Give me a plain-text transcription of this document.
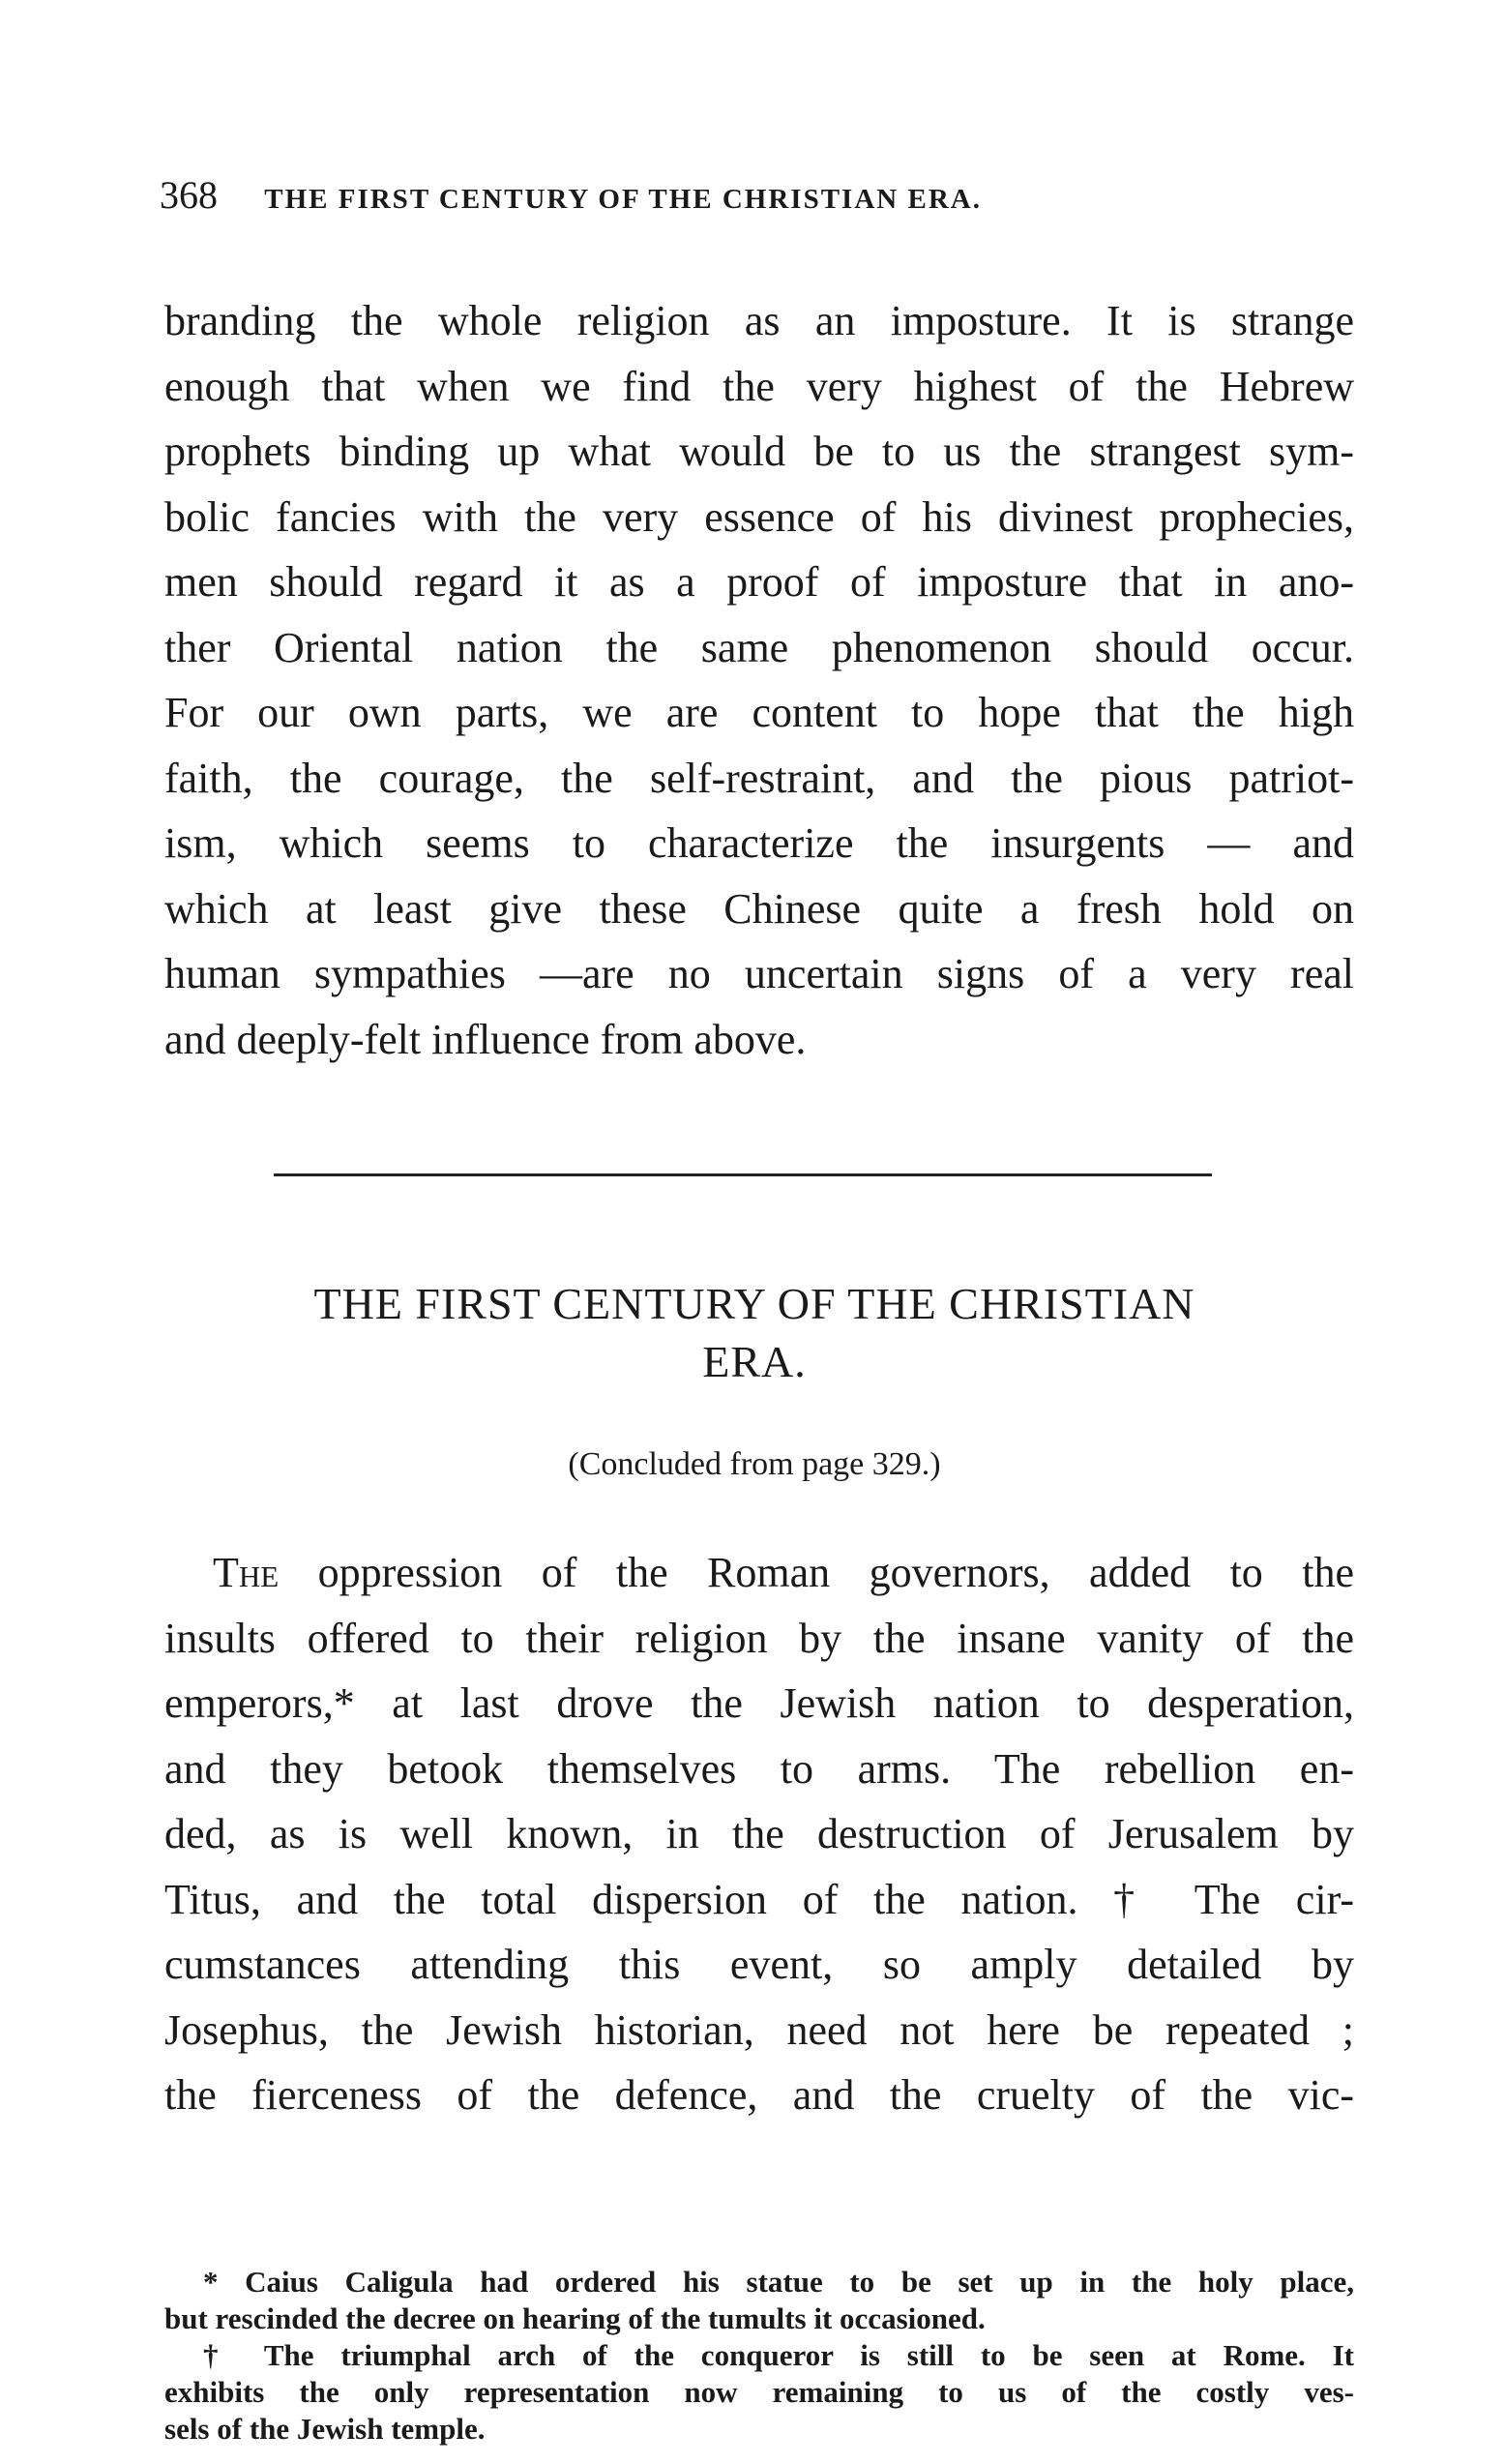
368 THE FIRST CENTURY OF THE CHRISTIAN ERA.
branding the whole religion as an imposture. It is strange
enough that when we find the very highest of the Hebrew
prophets binding up what would be to us the strangest sym-
bolic fancies with the very essence of his divinest prophecies,
men should regard it as a proof of imposture that in ano-
ther Oriental nation the same phenomenon should occur.
For our own parts, we are content to hope that the high
faith, the courage, the self-restraint, and the pious patriot-
ism, which seems to characterize the insurgents — and
which at least give these Chinese quite a fresh hold on
human sympathies —are no uncertain signs of a very real
and deeply-felt influence from above.
THE FIRST CENTURY OF THE CHRISTIAN
ERA.
(Concluded from page 329.)
The oppression of the Roman governors, added to the
insults offered to their religion by the insane vanity of the
emperors,* at last drove the Jewish nation to desperation,
and they betook themselves to arms. The rebellion en-
ded, as is well known, in the destruction of Jerusalem by
Titus, and the total dispersion of the nation. † The cir-
cumstances attending this event, so amply detailed by
Josephus, the Jewish historian, need not here be repeated ;
the fierceness of the defence, and the cruelty of the vic-
* Caius Caligula had ordered his statue to be set up in the holy place,
but rescinded the decree on hearing of the tumults it occasioned.
† The triumphal arch of the conqueror is still to be seen at Rome. It
exhibits the only representation now remaining to us of the costly ves-
sels of the Jewish temple.
